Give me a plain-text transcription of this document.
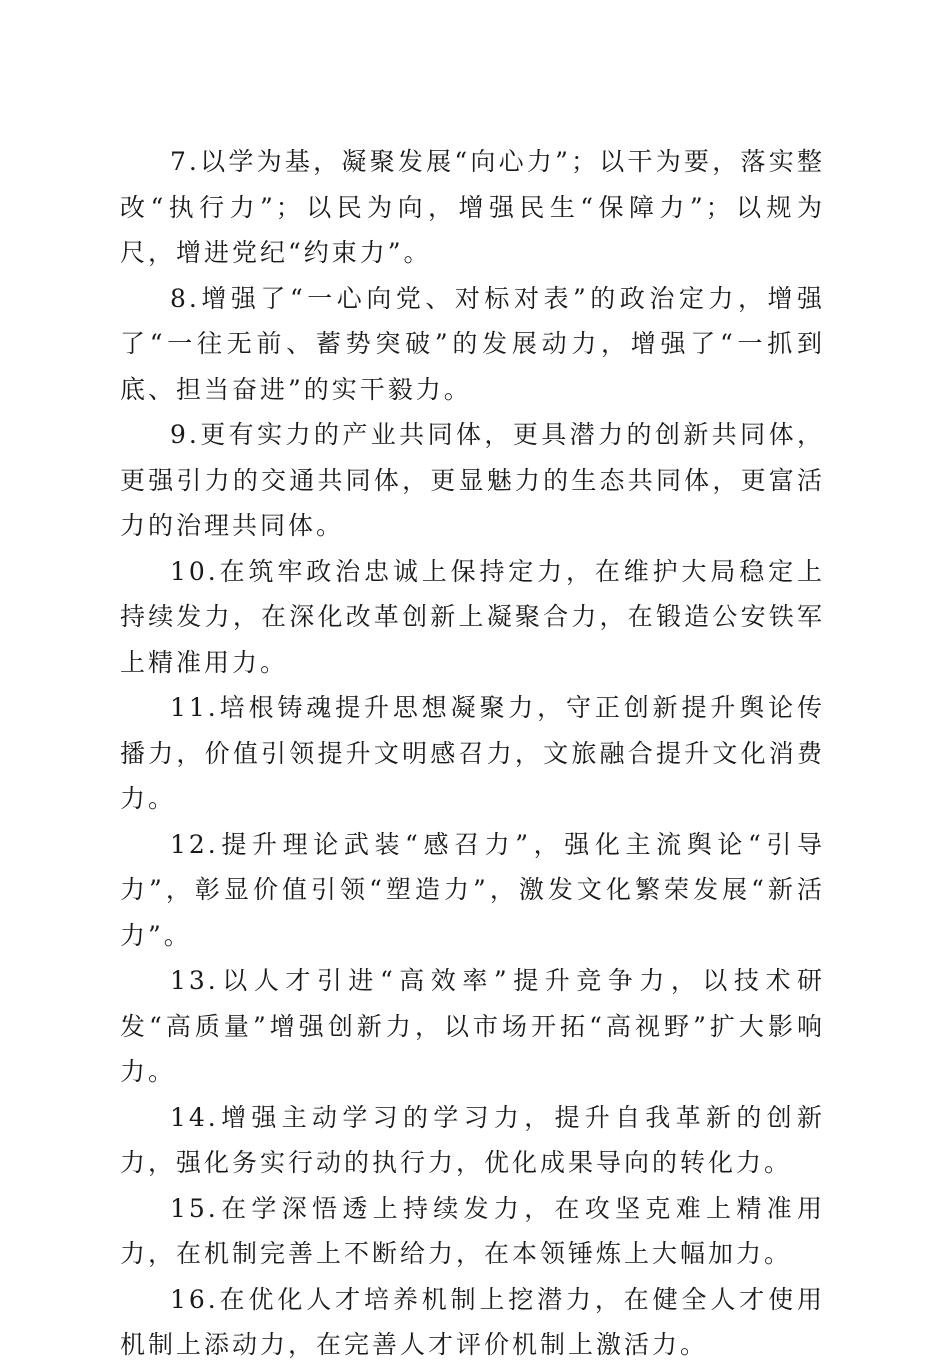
7.以学为基，凝聚发展“向心力”；以干为要，落实整改“执行力”；以民为向，增强民生“保障力”；以规为尺，增进党纪“约束力”。

8.增强了“一心向党、对标对表”的政治定力，增强了“一往无前、蓄势突破”的发展动力，增强了“一抓到底、担当奋进”的实干毅力。

9.更有实力的产业共同体，更具潜力的创新共同体，更强引力的交通共同体，更显魅力的生态共同体，更富活力的治理共同体。

10.在筑牢政治忠诚上保持定力，在维护大局稳定上持续发力，在深化改革创新上凝聚合力，在锻造公安铁军上精准用力。

11.培根铸魂提升思想凝聚力，守正创新提升舆论传播力，价值引领提升文明感召力，文旅融合提升文化消费力。

12.提升理论武装“感召力”，强化主流舆论“引导力”，彰显价值引领“塑造力”，激发文化繁荣发展“新活力”。

13.以人才引进“高效率”提升竞争力，以技术研发“高质量”增强创新力，以市场开拓“高视野”扩大影响力。

14.增强主动学习的学习力，提升自我革新的创新力，强化务实行动的执行力，优化成果导向的转化力。

15.在学深悟透上持续发力，在攻坚克难上精准用力，在机制完善上不断给力，在本领锤炼上大幅加力。

16.在优化人才培养机制上挖潜力，在健全人才使用机制上添动力，在完善人才评价机制上激活力。
